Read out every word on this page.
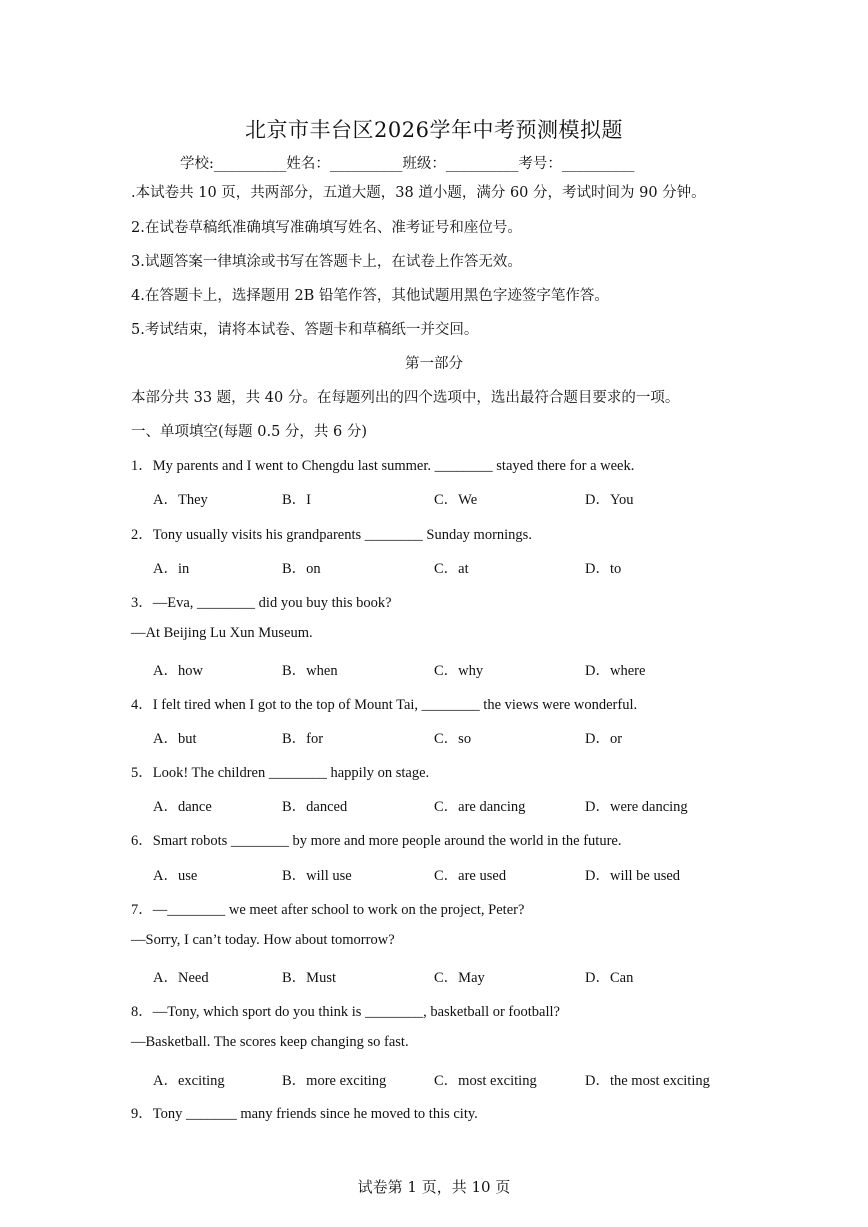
北京市丰台区2026学年中考预测模拟题
学校:__________姓名：__________班级：__________考号：__________
.本试卷共 10 页，共两部分，五道大题，38 道小题，满分 60 分，考试时间为 90 分钟。
2.在试卷草稿纸准确填写准确填写姓名、准考证号和座位号。
3.试题答案一律填涂或书写在答题卡上，在试卷上作答无效。
4.在答题卡上，选择题用 2B 铅笔作答，其他试题用黑色字迹签字笔作答。
5.考试结束，请将本试卷、答题卡和草稿纸一并交回。
第一部分
本部分共 33 题，共 40 分。在每题列出的四个选项中，选出最符合题目要求的一项。
一、单项填空(每题 0.5 分，共 6 分)
1．My parents and I went to Chengdu last summer. ________ stayed there for a week.
A．They	B．I	C．We	D．You
2．Tony usually visits his grandparents ________ Sunday mornings.
A．in	B．on	C．at	D．to
3．—Eva, ________ did you buy this book?
—At Beijing Lu Xun Museum.
A．how	B．when	C．why	D．where
4．I felt tired when I got to the top of Mount Tai, ________ the views were wonderful.
A．but	B．for	C．so	D．or
5．Look! The children ________ happily on stage.
A．dance	B．danced	C．are dancing	D．were dancing
6．Smart robots ________ by more and more people around the world in the future.
A．use	B．will use	C．are used	D．will be used
7．—________ we meet after school to work on the project, Peter?
—Sorry, I can’t today. How about tomorrow?
A．Need	B．Must	C．May	D．Can
8．—Tony, which sport do you think is ________, basketball or football?
—Basketball. The scores keep changing so fast.
A．exciting	B．more exciting	C．most exciting	D．the most exciting
9．Tony _______ many friends since he moved to this city.
试卷第 1 页，共 10 页
